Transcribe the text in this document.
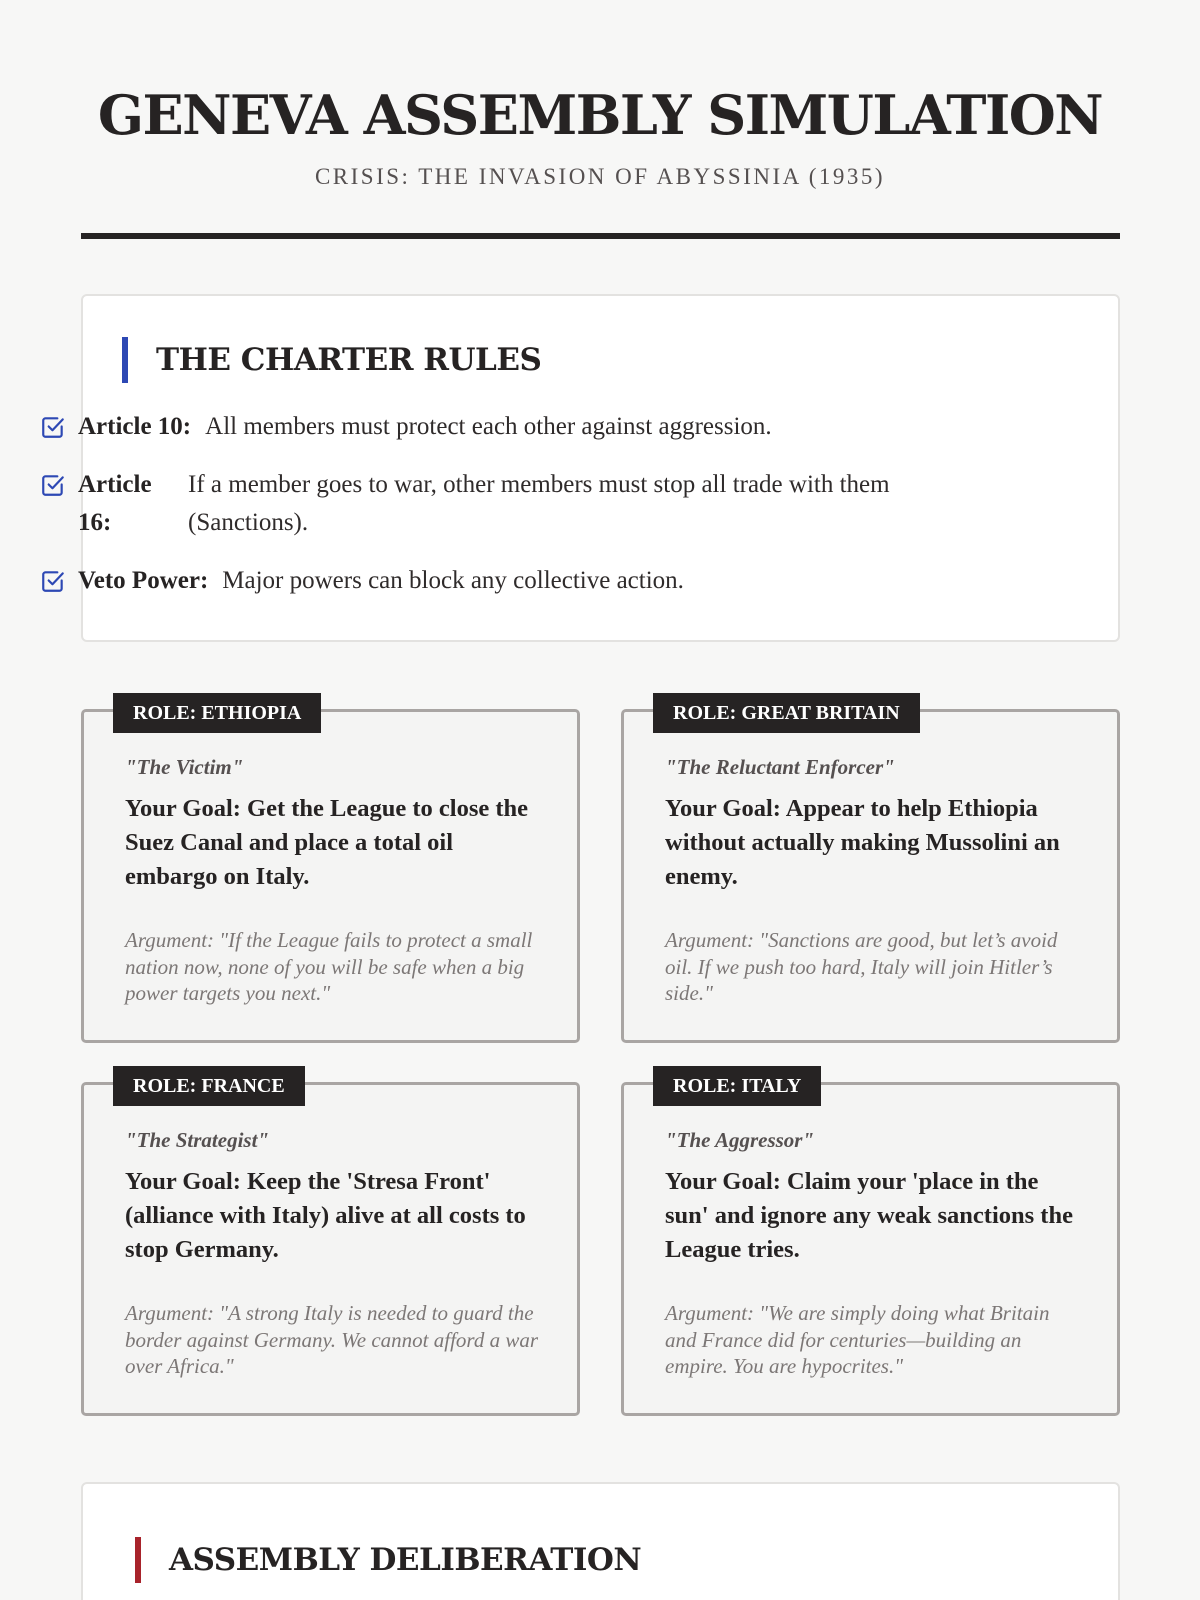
GENEVA ASSEMBLY SIMULATION
CRISIS: THE INVASION OF ABYSSINIA (1935)
THE CHARTER RULES
Article 10: All members must protect each other against aggression.
Article 16:
If a member goes to war, other members must stop all trade with them (Sanctions).
Veto Power: Major powers can block any collective action.
ROLE: ETHIOPIA
"The Victim"
Your Goal: Get the League to close the Suez Canal and place a total oil embargo on Italy.
Argument: "If the League fails to protect a small nation now, none of you will be safe when a big power targets you next."
ROLE: GREAT BRITAIN
"The Reluctant Enforcer"
Your Goal: Appear to help Ethiopia without actually making Mussolini an enemy.
Argument: "Sanctions are good, but let’s avoid oil. If we push too hard, Italy will join Hitler’s side."
ROLE: FRANCE
"The Strategist"
Your Goal: Keep the 'Stresa Front' (alliance with Italy) alive at all costs to stop Germany.
Argument: "A strong Italy is needed to guard the border against Germany. We cannot afford a war over Africa."
ROLE: ITALY
"The Aggressor"
Your Goal: Claim your 'place in the sun' and ignore any weak sanctions the League tries.
Argument: "We are simply doing what Britain and France did for centuries—building an empire. You are hypocrites."
ASSEMBLY DELIBERATION
